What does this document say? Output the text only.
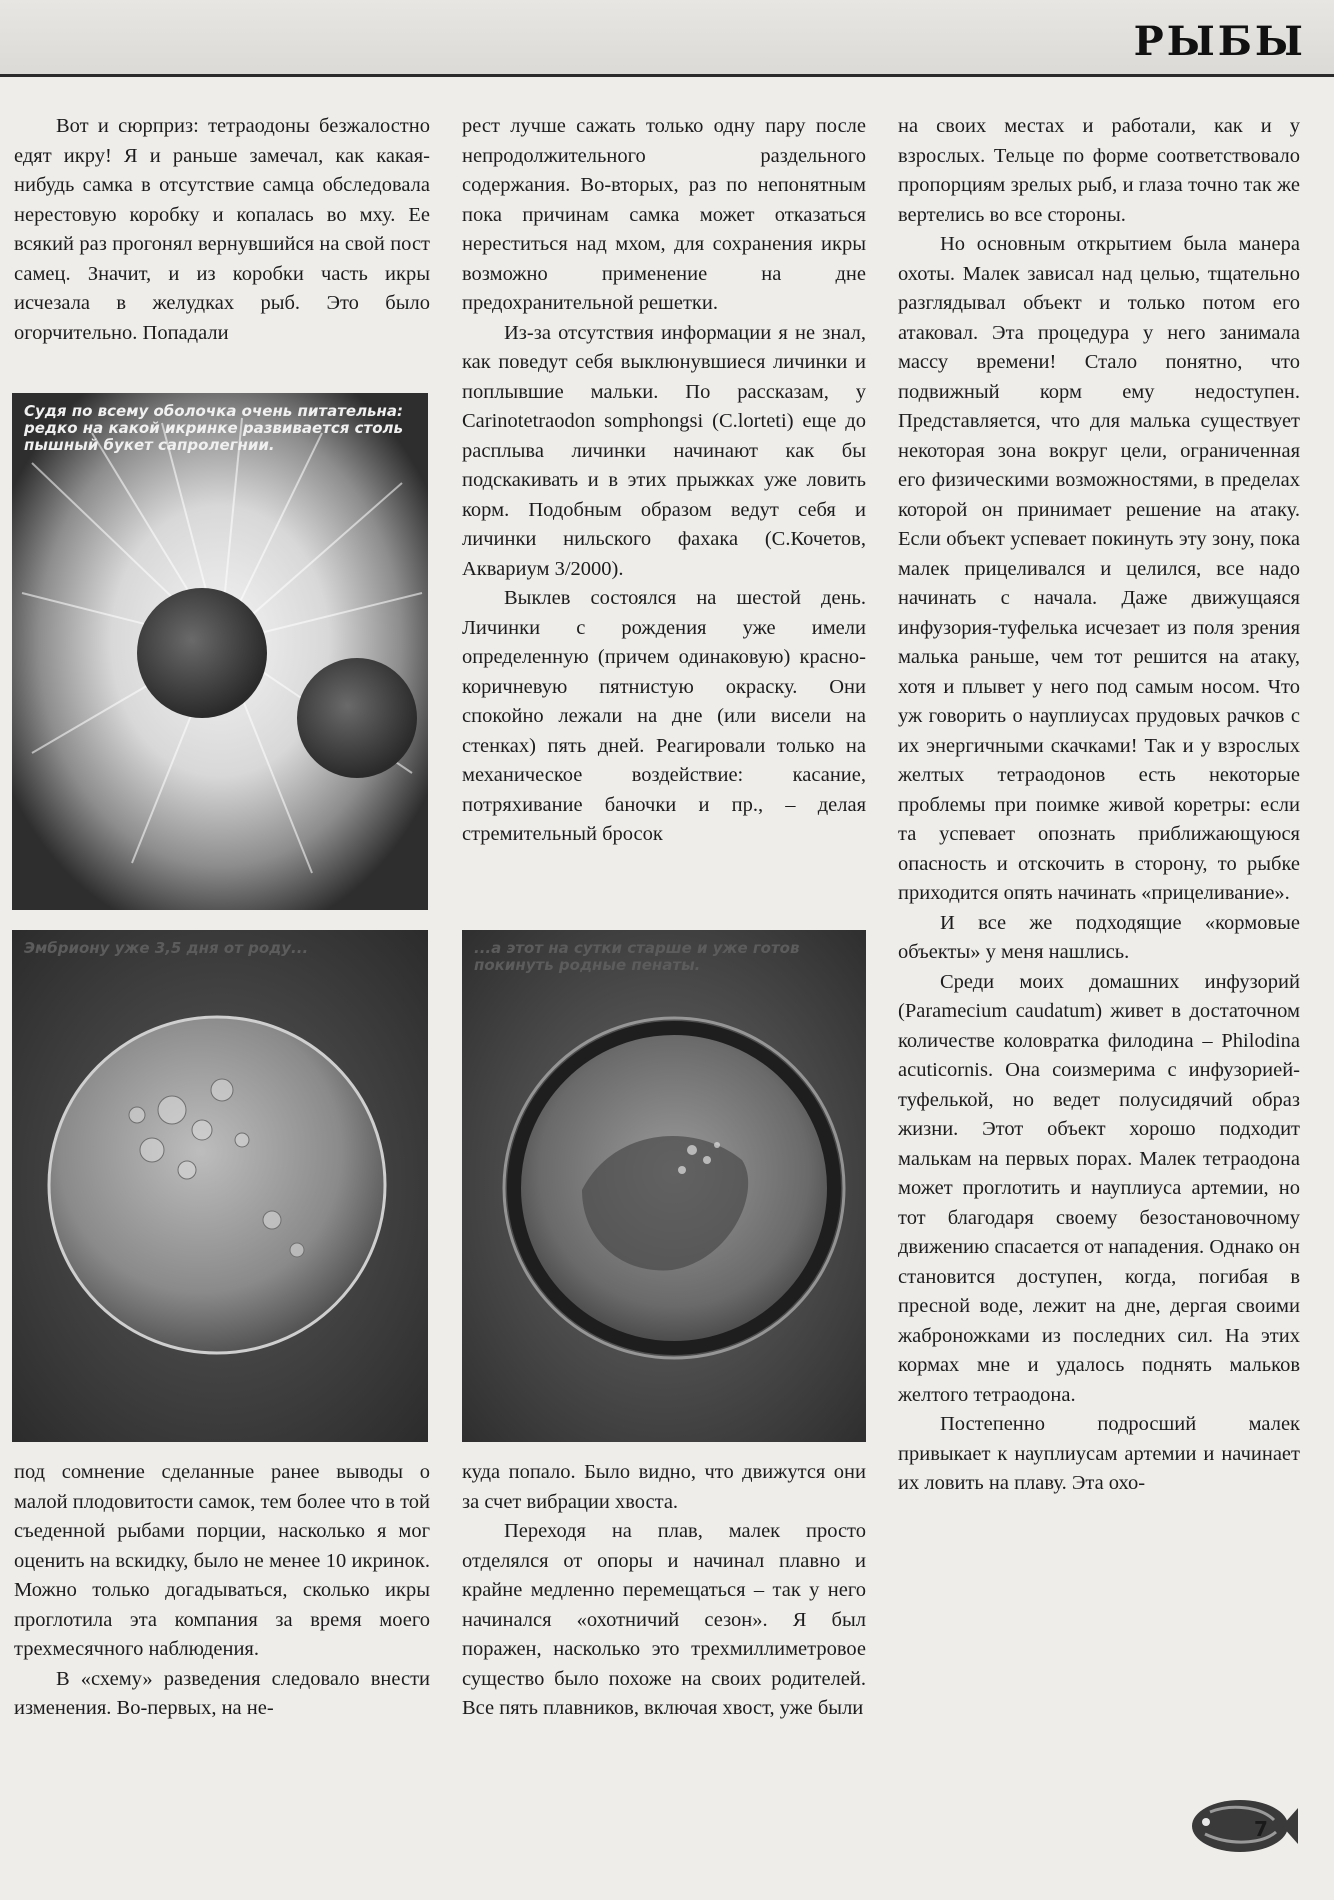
РЫБЫ

Вот и сюрприз: тетраодоны безжалостно едят икру! Я и раньше замечал, как какая-нибудь самка в отсутствие самца обследовала нерестовую коробку и копалась во мху. Ее всякий раз прогонял вернувшийся на свой пост самец. Значит, и из коробки часть икры исчезала в желудках рыб. Это было огорчительно. Попадали

Судя по всему оболочка очень питательна: редко на какой икринке развивается столь пышный букет сапролегнии.
Эмбриону уже 3,5 дня от роду...

под сомнение сделанные ранее выводы о малой плодовитости самок, тем более что в той съеденной рыбами порции, насколько я мог оценить на вскидку, было не менее 10 икринок. Можно только догадываться, сколько икры проглотила эта компания за время моего трехмесячного наблюдения.

В «схему» разведения следовало внести изменения. Во-первых, на не-

рест лучше сажать только одну пару после непродолжительного раздельного содержания. Во-вторых, раз по непонятным пока причинам самка может отказаться нереститься над мхом, для сохранения икры возможно применение на дне предохранительной решетки.

Из-за отсутствия информации я не знал, как поведут себя выклюнувшиеся личинки и поплывшие мальки. По рассказам, у Carinotetraodon somphongsi (C.lorteti) еще до расплыва личинки начинают как бы подскакивать и в этих прыжках уже ловить корм. Подобным образом ведут себя и личинки нильского фахака (С.Кочетов, Аквариум 3/2000).

Выклев состоялся на шестой день. Личинки с рождения уже имели определенную (причем одинаковую) красно-коричневую пятнистую окраску. Они спокойно лежали на дне (или висели на стенках) пять дней. Реагировали только на механическое воздействие: касание, потряхивание баночки и пр., – делая стремительный бросок

...а этот на сутки старше и уже готов покинуть родные пенаты.

куда попало. Было видно, что движутся они за счет вибрации хвоста.

Переходя на плав, малек просто отделялся от опоры и начинал плавно и крайне медленно перемещаться – так у него начинался «охотничий сезон». Я был поражен, насколько это трехмиллиметровое существо было похоже на своих родителей. Все пять плавников, включая хвост, уже были

на своих местах и работали, как и у взрослых. Тельце по форме соответствовало пропорциям зрелых рыб, и глаза точно так же вертелись во все стороны.

Но основным открытием была манера охоты. Малек зависал над целью, тщательно разглядывал объект и только потом его атаковал. Эта процедура у него занимала массу времени! Стало понятно, что подвижный корм ему недоступен. Представляется, что для малька существует некоторая зона вокруг цели, ограниченная его физическими возможностями, в пределах которой он принимает решение на атаку. Если объект успевает покинуть эту зону, пока малек прицеливался и целился, все надо начинать с начала. Даже движущаяся инфузория-туфелька исчезает из поля зрения малька раньше, чем тот решится на атаку, хотя и плывет у него под самым носом. Что уж говорить о науплиусах прудовых рачков с их энергичными скачками! Так и у взрослых желтых тетраодонов есть некоторые проблемы при поимке живой коретры: если та успевает опознать приближающуюся опасность и отскочить в сторону, то рыбке приходится опять начинать «прицеливание».

И все же подходящие «кормовые объекты» у меня нашлись.

Среди моих домашних инфузорий (Paramecium caudatum) живет в достаточном количестве коловратка филодина – Philodina acuticornis. Она соизмерима с инфузорией-туфелькой, но ведет полусидячий образ жизни. Этот объект хорошо подходит малькам на первых порах. Малек тетраодона может проглотить и науплиуса артемии, но тот благодаря своему безостановочному движению спасается от нападения. Однако он становится доступен, когда, погибая в пресной воде, лежит на дне, дергая своими жаброножками из последних сил. На этих кормах мне и удалось поднять мальков желтого тетраодона.

Постепенно подросший малек привыкает к науплиусам артемии и начинает их ловить на плаву. Эта охо-

7
